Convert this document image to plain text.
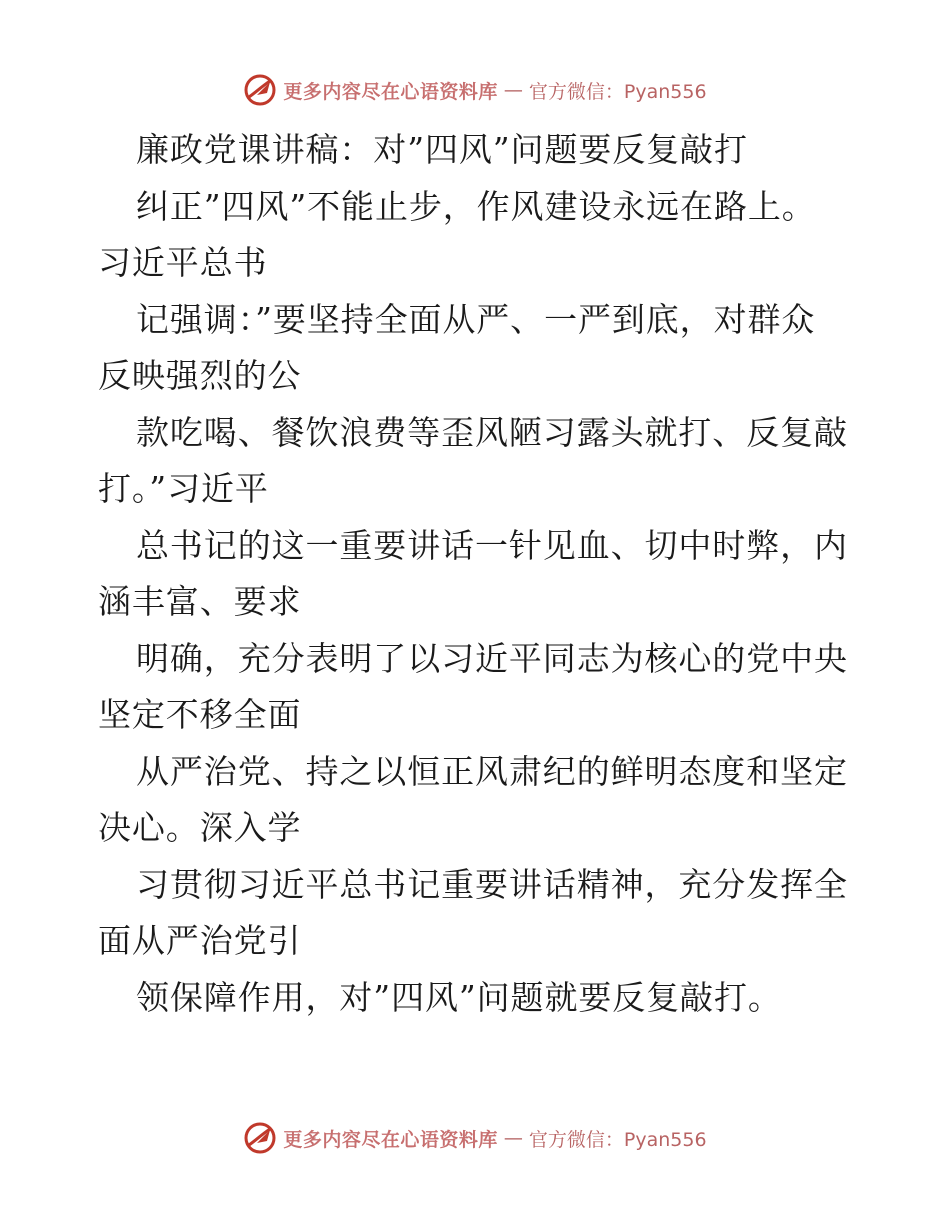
更多内容尽在心语资料库 — 官方微信：Pyan556
廉政党课讲稿：对”四风”问题要反复敲打
纠正”四风”不能止步，作风建设永远在路上。
习近平总书
记强调：”要坚持全面从严、一严到底，对群众
反映强烈的公
款吃喝、餐饮浪费等歪风陋习露头就打、反复敲
打。”习近平
总书记的这一重要讲话一针见血、切中时弊，内
涵丰富、要求
明确，充分表明了以习近平同志为核心的党中央
坚定不移全面
从严治党、持之以恒正风肃纪的鲜明态度和坚定
决心。深入学
习贯彻习近平总书记重要讲话精神，充分发挥全
面从严治党引
领保障作用，对”四风”问题就要反复敲打。
更多内容尽在心语资料库 — 官方微信：Pyan556
